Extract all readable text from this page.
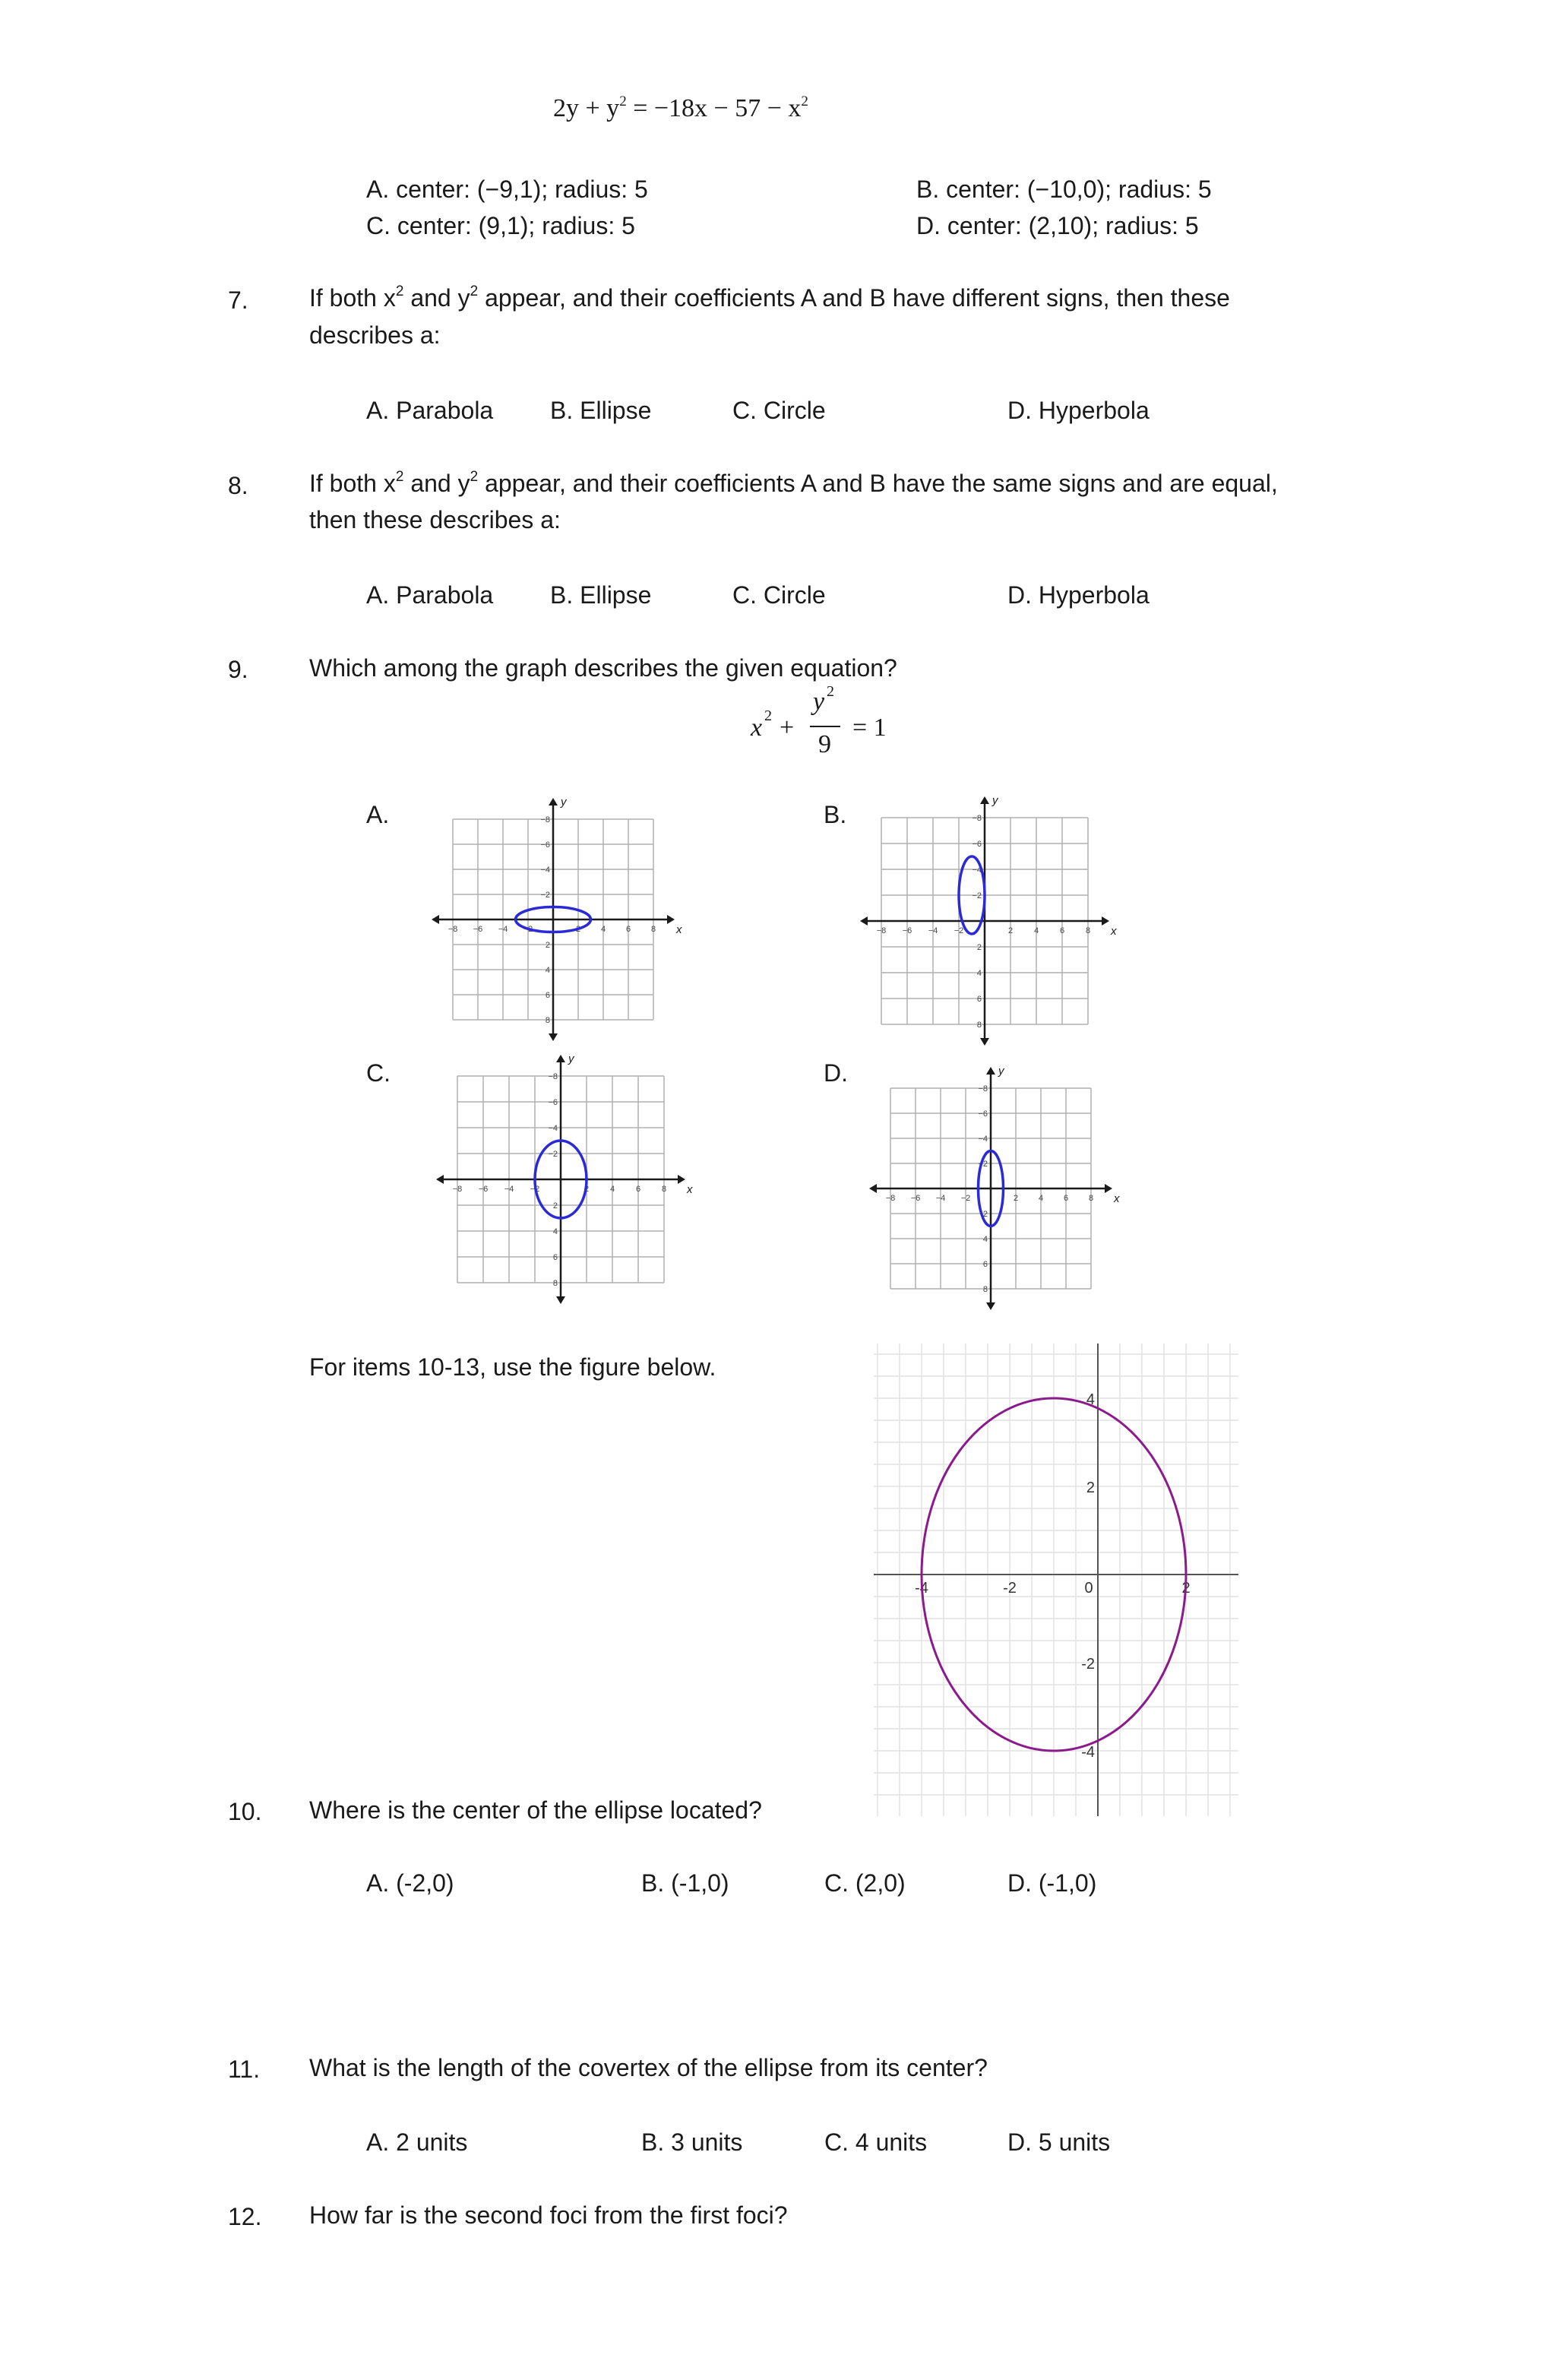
$2y + y^2 = -18x - 57 - x^2$
A. center: (−9,1); radius: 5	B. center: (−10,0); radius: 5
C. center: (9,1); radius: 5	D. center: (2,10); radius: 5
7.	If both $x^2$ and $y^2$ appear, and their coefficients A and B have different signs, then these
describes a:
A. Parabola B. Ellipse	C. Circle	D. Hyperbola
8.	If both $x^2$ and $y^2$ appear, and their coefficients A and B have the same signs and are equal,
then these describes a:
A. Parabola B. Ellipse	C. Circle	D. Hyperbola
9.	Which among the graph describes the given equation?
x 2 +
y 2
9
= 1
A.	B.
C.	D.
−8
8
−6
6
−4
4
−2
2
2
−2
4
−4
6
−6
8
−8
x
y
−8
8
−6
6
−4
4
−2
2
2
−2
4
−4
6
−6
8
−8
x
y
−8
8
−6
6
−4
4
−2
2
2
−2
4
−4
6
−6
8
−8
x
y
−8
8
−6
6
−4
4
−2
2
2
−2
4
−4
6
−6
8
−8
x
y
For items 10-13, use the figure below.
-4	-2	0	2
4
2
-2
-4
10. Where is the center of the ellipse located?
A. (-2,0)	B. (-1,0)	C. (2,0)	D. (-1,0)
11. What is the length of the covertex of the ellipse from its center?
A. 2 units	B. 3 units	C. 4 units	D. 5 units
12. How far is the second foci from the first foci?
